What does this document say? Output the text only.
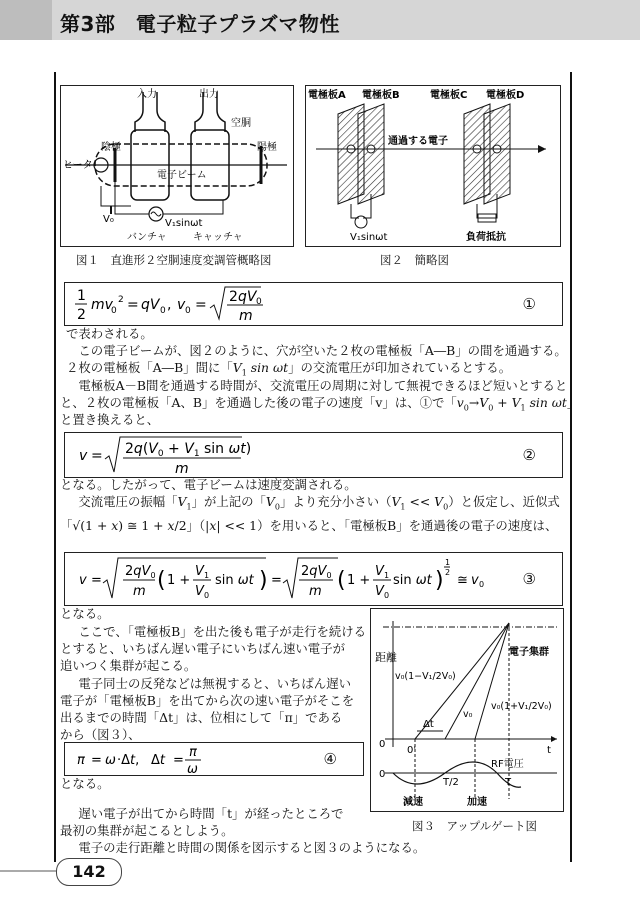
第3部　電子粒子プラズマ物性
入力	出力
空胴
ヒータ
陰極	陽極
電子ビーム
V₀	V₁sinωt
バンチャ	キャッチャ
図１　直進形２空胴速度変調管概略図
電極板A 電極板B	電極板C 電極板D
通過する電子
V₁sinωt	負荷抵抗
図２　簡略図
1
2
mv
0
2 = qV 0 , v 0 = 2 qV 0
m
①
で表わされる。
　この電子ビームが、図２のように、穴が空いた２枚の電極板「A―B」の間を通過する。
２枚の電極板「A―B」間に「$V_1$ sin ωt」の交流電圧が印加されているとする。
　電極板A－B間を通過する時間が、交流電圧の周期に対して無視できるほど短いとすると
と、２枚の電極板「A、B」を通過した後の電子の速度「v」は、①で「$v_0\to V_0 + V_1$ sin ωt」
と置き換えると、
$v = 2q(V_0 + V_1$ sin ωt)
m
②
となる。したがって、電子ビームは速度変調される。
　交流電圧の振幅「$V_1$」が上記の「$V_0$」より充分小さい$(V_1 << V_0)$と仮定し、近似式
「√(1 + x) ≅ 1 + x/2」（|x| << 1）を用いると、「電極板B」を通過後の電子の速度は、
v =
$2qV_0$
m ( 1 +
V 1
V 0
sin ωt ) =
$2qV_0$
m ( 1 +
V 1
V 0
sin ωt )
1
2
≅ v 0	③
となる。
　ここで、「電極板B」を出た後も電子が走行を続ける
とすると、いちばん遅い電子にいちばん速い電子が
追いつく集群が起こる。
　電子同士の反発などは無視すると、いちばん遅い
電子が「電極板B」を出てから次の速い電子がそこを
出るまでの時間「Δt」は、位相にして「π」である
から（図３）、
π = ω ·Δt, Δt =
π
ω
④
となる。
　遅い電子が出てから時間「t」が経ったところで
最初の集群が起こるとしよう。
　電子の走行距離と時間の関係を図示すると図３のようになる。
距離	電子集群
v₀(1−V₁/2V₀)
v₀
v₀(1+V₁/2V₀)
Δt
t
0
0
0'
T/2	T
RF電圧
減速	加速
図３　アップルゲート図
142
